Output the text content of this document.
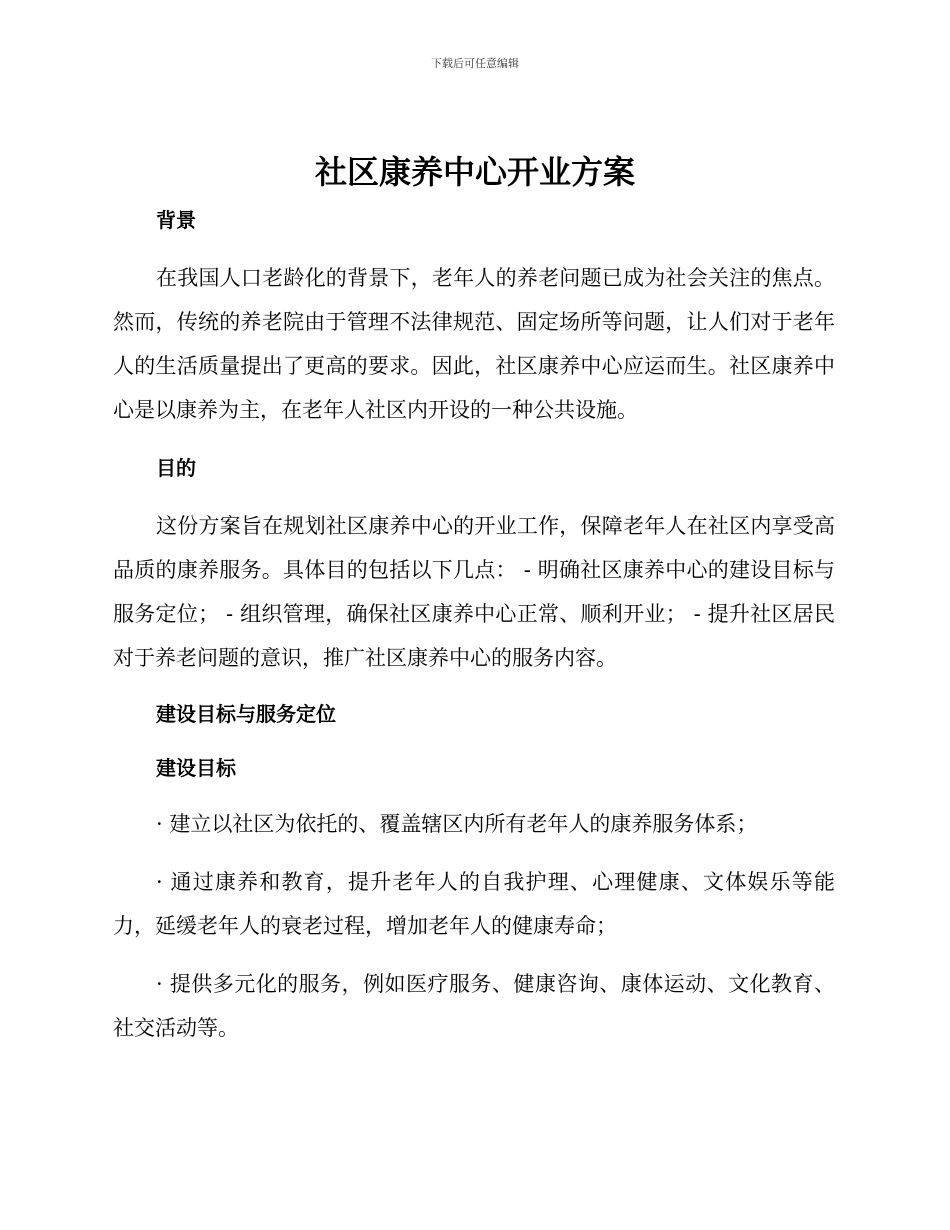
下载后可任意编辑
社区康养中心开业方案
背景

在我国人口老龄化的背景下，老年人的养老问题已成为社会关注的焦点。然而，传统的养老院由于管理不法律规范、固定场所等问题，让人们对于老年人的生活质量提出了更高的要求。因此，社区康养中心应运而生。社区康养中心是以康养为主，在老年人社区内开设的一种公共设施。

目的

这份方案旨在规划社区康养中心的开业工作，保障老年人在社区内享受高品质的康养服务。具体目的包括以下几点： - 明确社区康养中心的建设目标与服务定位； - 组织管理，确保社区康养中心正常、顺利开业； - 提升社区居民对于养老问题的意识，推广社区康养中心的服务内容。

建设目标与服务定位
建设目标

· 建立以社区为依托的、覆盖辖区内所有老年人的康养服务体系；

· 通过康养和教育，提升老年人的自我护理、心理健康、文体娱乐等能力，延缓老年人的衰老过程，增加老年人的健康寿命；

· 提供多元化的服务，例如医疗服务、健康咨询、康体运动、文化教育、社交活动等。
